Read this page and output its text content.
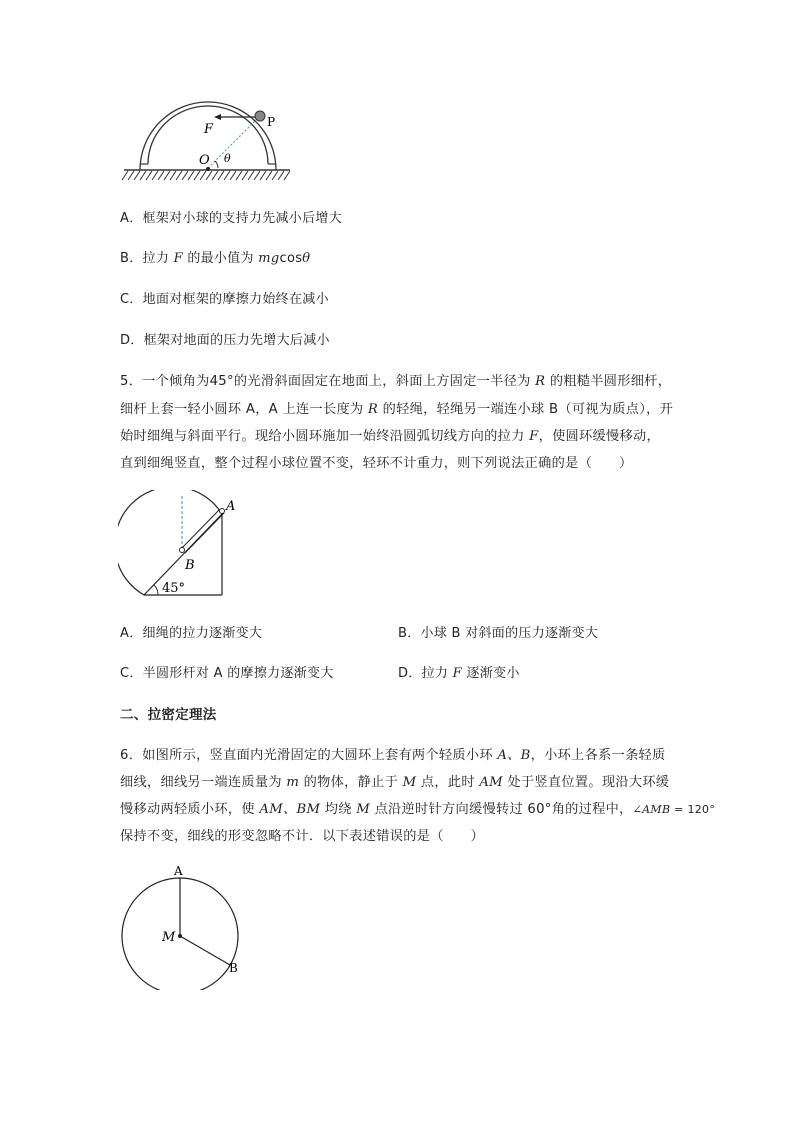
F	P
O θ
A．框架对小球的支持力先减小后增大
B．拉力 F 的最小值为 mgcosθ
C．地面对框架的摩擦力始终在减小
D．框架对地面的压力先增大后减小
5．一个倾角为45°的光滑斜面固定在地面上，斜面上方固定一半径为 R 的粗糙半圆形细杆，
细杆上套一轻小圆环 A，A 上连一长度为 R 的轻绳，轻绳另一端连小球 B（可视为质点），开
始时细绳与斜面平行。现给小圆环施加一始终沿圆弧切线方向的拉力 F，使圆环缓慢移动，
直到细绳竖直，整个过程小球位置不变，轻环不计重力，则下列说法正确的是（　　）
A
B
45°
A．细绳的拉力逐渐变大	B．小球 B 对斜面的压力逐渐变大
C．半圆形杆对 A 的摩擦力逐渐变大	D．拉力 F 逐渐变小
二、拉密定理法
6．如图所示，竖直面内光滑固定的大圆环上套有两个轻质小环 A、B，小环上各系一条轻质
细线，细线另一端连质量为 m 的物体，静止于 M 点，此时 AM 处于竖直位置。现沿大环缓
慢移动两轻质小环，使 AM、BM 均绕 M 点沿逆时针方向缓慢转过 60°角的过程中，∠AMB = 120°
保持不变，细线的形变忽略不计．以下表述错误的是（　　）
A
M
B
